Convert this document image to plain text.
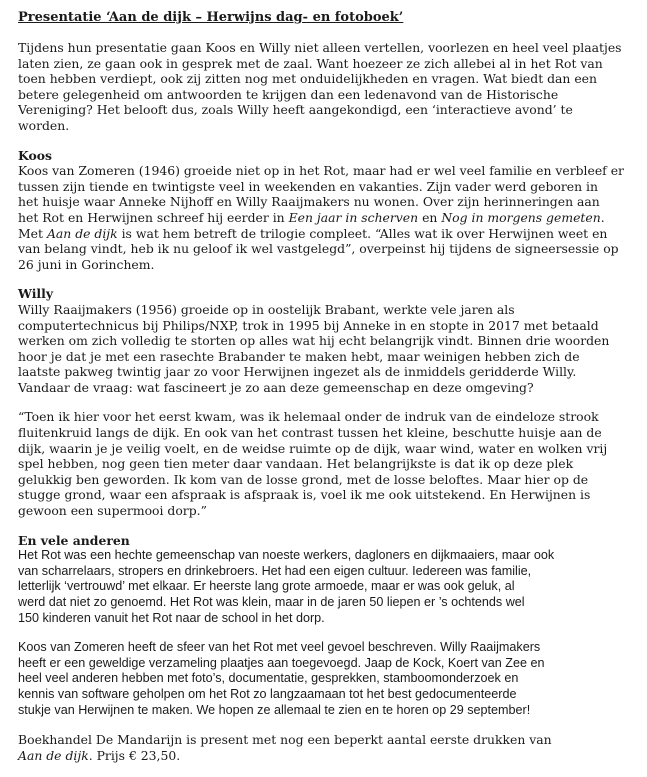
Presentatie ‘Aan de dijk – Herwijns dag- en fotoboek’
Tijdens hun presentatie gaan Koos en Willy niet alleen vertellen, voorlezen en heel veel plaatjes
laten zien, ze gaan ook in gesprek met de zaal. Want hoezeer ze zich allebei al in het Rot van
toen hebben verdiept, ook zij zitten nog met onduidelijkheden en vragen. Wat biedt dan een
betere gelegenheid om antwoorden te krijgen dan een ledenavond van de Historische
Vereniging? Het belooft dus, zoals Willy heeft aangekondigd, een ‘interactieve avond’ te
worden.
Koos
Koos van Zomeren (1946) groeide niet op in het Rot, maar had er wel veel familie en verbleef er
tussen zijn tiende en twintigste veel in weekenden en vakanties. Zijn vader werd geboren in
het huisje waar Anneke Nijhoff en Willy Raaijmakers nu wonen. Over zijn herinneringen aan
het Rot en Herwijnen schreef hij eerder in Een jaar in scherven en Nog in morgens gemeten.
Met Aan de dijk is wat hem betreft de trilogie compleet. “Alles wat ik over Herwijnen weet en
van belang vindt, heb ik nu geloof ik wel vastgelegd”, overpeinst hij tijdens de signeersessie op
26 juni in Gorinchem.
Willy
Willy Raaijmakers (1956) groeide op in oostelijk Brabant, werkte vele jaren als
computertechnicus bij Philips/NXP, trok in 1995 bij Anneke in en stopte in 2017 met betaald
werken om zich volledig te storten op alles wat hij echt belangrijk vindt. Binnen drie woorden
hoor je dat je met een rasechte Brabander te maken hebt, maar weinigen hebben zich de
laatste pakweg twintig jaar zo voor Herwijnen ingezet als de inmiddels geridderde Willy.
Vandaar de vraag: wat fascineert je zo aan deze gemeenschap en deze omgeving?
“Toen ik hier voor het eerst kwam, was ik helemaal onder de indruk van de eindeloze strook
fluitenkruid langs de dijk. En ook van het contrast tussen het kleine, beschutte huisje aan de
dijk, waarin je je veilig voelt, en de weidse ruimte op de dijk, waar wind, water en wolken vrij
spel hebben, nog geen tien meter daar vandaan. Het belangrijkste is dat ik op deze plek
gelukkig ben geworden. Ik kom van de losse grond, met de losse beloftes. Maar hier op de
stugge grond, waar een afspraak is afspraak is, voel ik me ook uitstekend. En Herwijnen is
gewoon een supermooi dorp.”
En vele anderen
Het Rot was een hechte gemeenschap van noeste werkers, dagloners en dijkmaaiers, maar ook
van scharrelaars, stropers en drinkebroers. Het had een eigen cultuur. Iedereen was familie,
letterlijk ‘vertrouwd’ met elkaar. Er heerste lang grote armoede, maar er was ook geluk, al
werd dat niet zo genoemd. Het Rot was klein, maar in de jaren 50 liepen er ’s ochtends wel
150 kinderen vanuit het Rot naar de school in het dorp.
Koos van Zomeren heeft de sfeer van het Rot met veel gevoel beschreven. Willy Raaijmakers
heeft er een geweldige verzameling plaatjes aan toegevoegd. Jaap de Kock, Koert van Zee en
heel veel anderen hebben met foto’s, documentatie, gesprekken, stamboomonderzoek en
kennis van software geholpen om het Rot zo langzaamaan tot het best gedocumenteerde
stukje van Herwijnen te maken. We hopen ze allemaal te zien en te horen op 29 september!
Boekhandel De Mandarijn is present met nog een beperkt aantal eerste drukken van
Aan de dijk. Prijs € 23,50.
